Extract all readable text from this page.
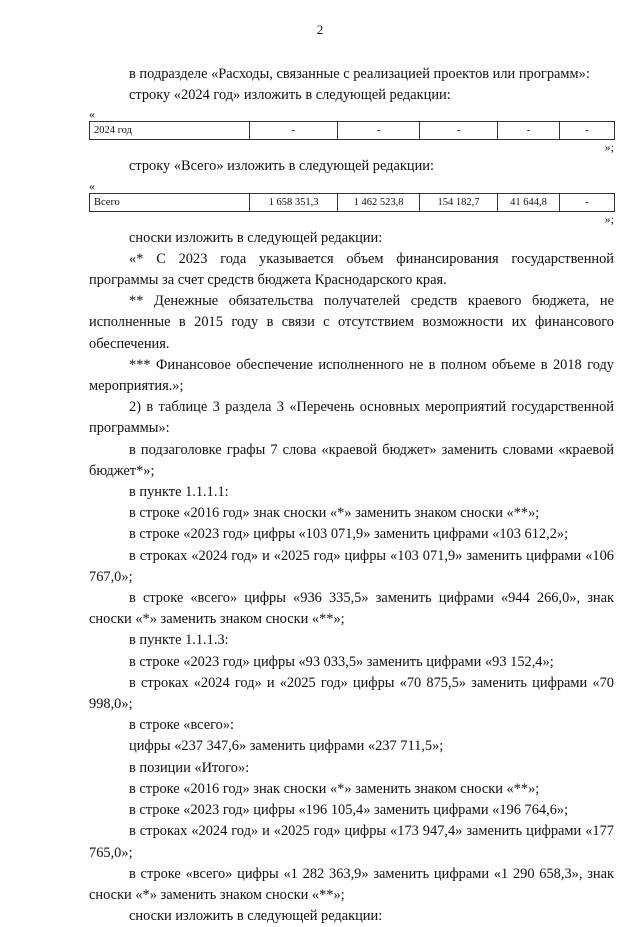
2

в подразделе «Расходы, связанные с реализацией проектов или программ»:

строку «2024 год» изложить в следующей редакции:

«
2024 год	-	-	-	-	-
»;

строку «Всего» изложить в следующей редакции:

«
Всего	1 658 351,3	1 462 523,8	154 182,7	41 644,8	-
»;

сноски изложить в следующей редакции:

«* С 2023 года указывается объем финансирования государственной программы за счет средств бюджета Краснодарского края.

** Денежные обязательства получателей средств краевого бюджета, не исполненные в 2015 году в связи с отсутствием возможности их финансового обеспечения.

*** Финансовое обеспечение исполненного не в полном объеме в 2018 году мероприятия.»;

2) в таблице 3 раздела 3 «Перечень основных мероприятий государственной программы»:

в подзаголовке графы 7 слова «краевой бюджет» заменить словами «краевой бюджет*»;

в пункте 1.1.1.1:

в строке «2016 год» знак сноски «*» заменить знаком сноски «**»;

в строке «2023 год» цифры «103 071,9» заменить цифрами «103 612,2»;

в строках «2024 год» и «2025 год» цифры «103 071,9» заменить цифрами «106 767,0»;

в строке «всего» цифры «936 335,5» заменить цифрами «944 266,0», знак сноски «*» заменить знаком сноски «**»;

в пункте 1.1.1.3:

в строке «2023 год» цифры «93 033,5» заменить цифрами «93 152,4»;

в строках «2024 год» и «2025 год» цифры «70 875,5» заменить цифрами «70 998,0»;

в строке «всего»:

цифры «237 347,6» заменить цифрами «237 711,5»;

в позиции «Итого»:

в строке «2016 год» знак сноски «*» заменить знаком сноски «**»;

в строке «2023 год» цифры «196 105,4» заменить цифрами «196 764,6»;

в строках «2024 год» и «2025 год» цифры «173 947,4» заменить цифрами «177 765,0»;

в строке «всего» цифры «1 282 363,9» заменить цифрами «1 290 658,3», знак сноски «*» заменить знаком сноски «**»;

сноски изложить в следующей редакции:
